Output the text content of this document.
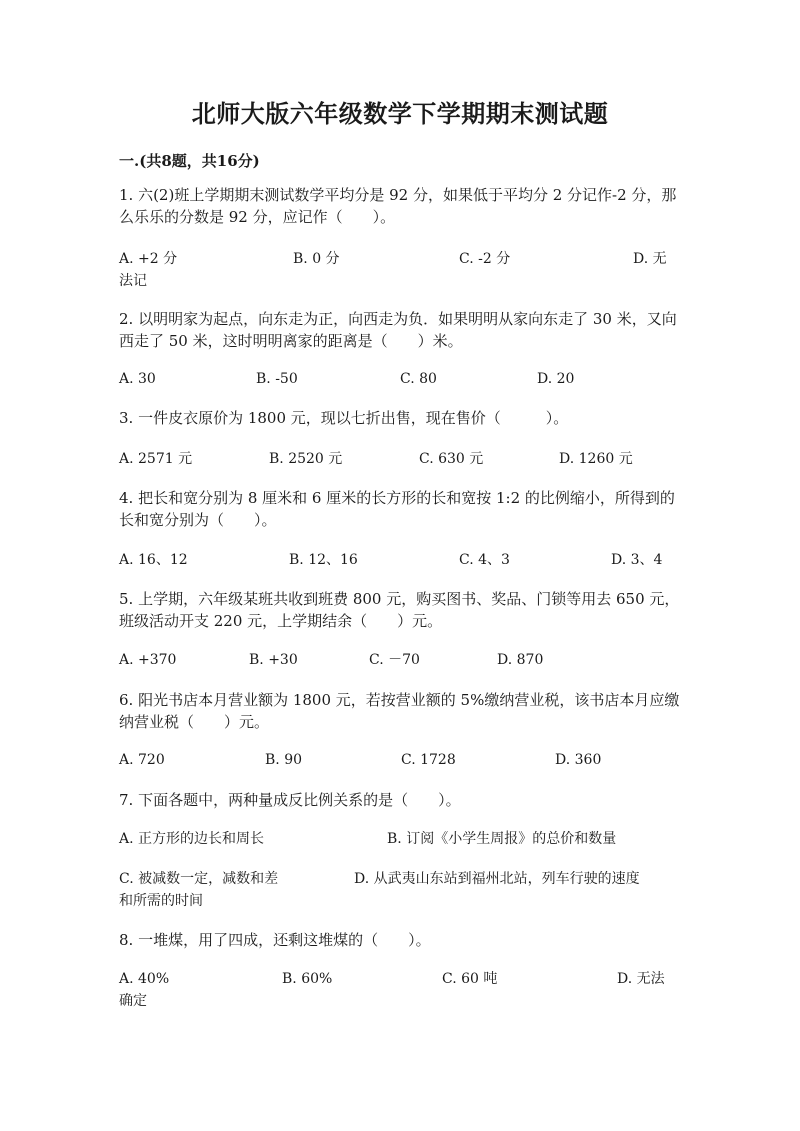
北师大版六年级数学下学期期末测试题
一.(共8题，共16分)
1. 六(2)班上学期期末测试数学平均分是 92 分，如果低于平均分 2 分记作-2 分，那么乐乐的分数是 92 分，应记作（　　）。
A. +2 分	B. 0 分	C. -2 分	D. 无
法记
2. 以明明家为起点，向东走为正，向西走为负．如果明明从家向东走了 30 米，又向西走了 50 米，这时明明离家的距离是（　　）米。
A. 30	B. -50	C. 80	D. 20
3. 一件皮衣原价为 1800 元，现以七折出售，现在售价（　　　）。
A. 2571 元	B. 2520 元	C. 630 元	D. 1260 元
4. 把长和宽分别为 8 厘米和 6 厘米的长方形的长和宽按 1:2 的比例缩小，所得到的长和宽分别为（　　）。
A. 16、12	B. 12、16	C. 4、3	D. 3、4
5. 上学期，六年级某班共收到班费 800 元，购买图书、奖品、门锁等用去 650 元，班级活动开支 220 元，上学期结余（　　）元。
A. +370	B. +30	C. －70	D. 870
6. 阳光书店本月营业额为 1800 元，若按营业额的 5%缴纳营业税，该书店本月应缴纳营业税（　　）元。
A. 720	B. 90	C. 1728	D. 360
7. 下面各题中，两种量成反比例关系的是（　　）。
A. 正方形的边长和周长	B. 订阅《小学生周报》的总价和数量
C. 被减数一定，减数和差	D. 从武夷山东站到福州北站，列车行驶的速度
和所需的时间
8. 一堆煤，用了四成，还剩这堆煤的（　　）。
A. 40%	B. 60%	C. 60 吨	D. 无法
确定
